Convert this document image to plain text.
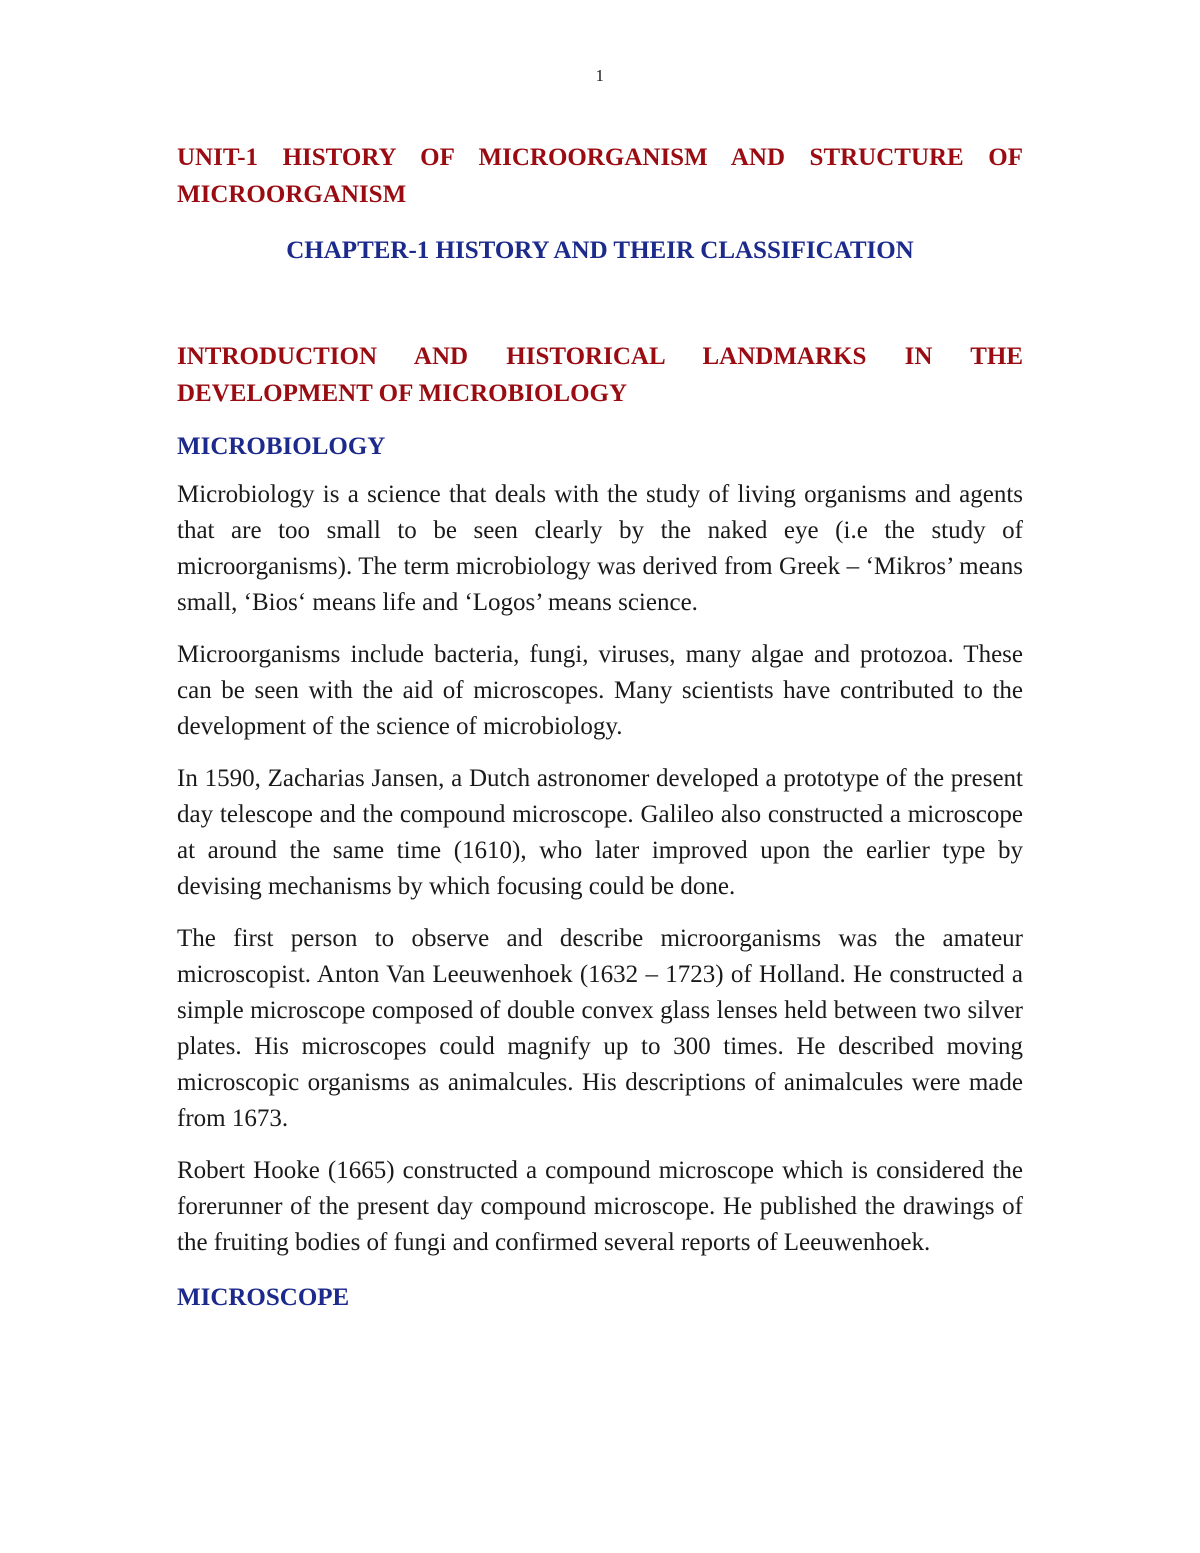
1
UNIT-1 HISTORY OF MICROORGANISM AND STRUCTURE OF MICROORGANISM
CHAPTER-1 HISTORY AND THEIR CLASSIFICATION
INTRODUCTION AND HISTORICAL LANDMARKS IN THE DEVELOPMENT OF MICROBIOLOGY
MICROBIOLOGY

Microbiology is a science that deals with the study of living organisms and agents that are too small to be seen clearly by the naked eye (i.e the study of microorganisms). The term microbiology was derived from Greek – ‘Mikros’ means small, ‘Bios‘ means life and ‘Logos’ means science.

Microorganisms include bacteria, fungi, viruses, many algae and protozoa. These can be seen with the aid of microscopes. Many scientists have contributed to the development of the science of microbiology.

In 1590, Zacharias Jansen, a Dutch astronomer developed a prototype of the present day telescope and the compound microscope. Galileo also constructed a microscope at around the same time (1610), who later improved upon the earlier type by devising mechanisms by which focusing could be done.

The first person to observe and describe microorganisms was the amateur microscopist. Anton Van Leeuwenhoek (1632 – 1723) of Holland. He constructed a simple microscope composed of double convex glass lenses held between two silver plates. His microscopes could magnify up to 300 times. He described moving microscopic organisms as animalcules. His descriptions of animalcules were made from 1673.

Robert Hooke (1665) constructed a compound microscope which is considered the forerunner of the present day compound microscope. He published the drawings of the fruiting bodies of fungi and confirmed several reports of Leeuwenhoek.

MICROSCOPE
